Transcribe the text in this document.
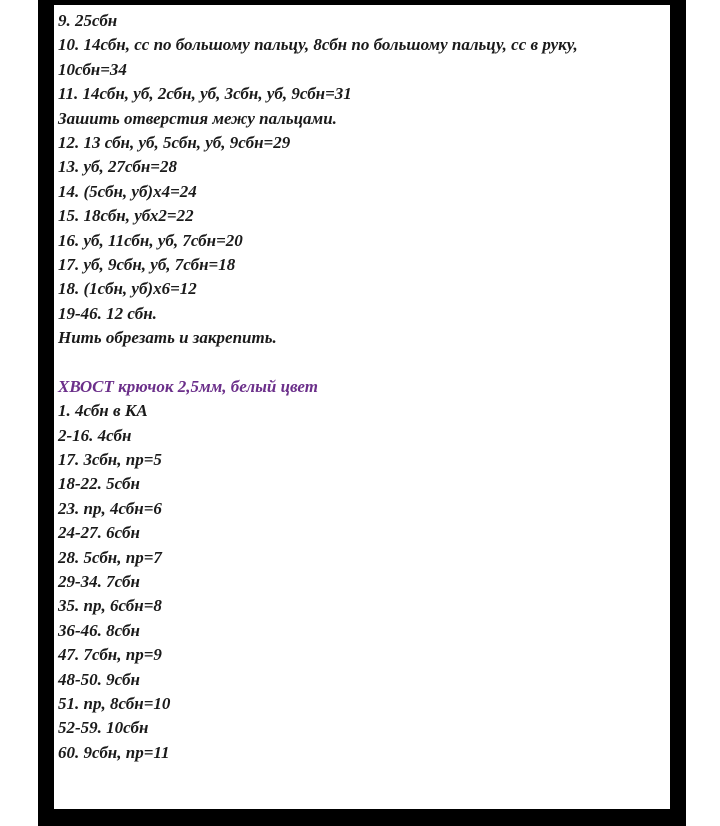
9. 25сбн
10. 14сбн, сс по большому пальцу, 8сбн по большому пальцу, сс в руку, 10сбн=34
11. 14сбн, уб, 2сбн, уб, 3сбн, уб, 9сбн=31
Зашить отверстия межу пальцами.
12. 13 сбн, уб, 5сбн, уб, 9сбн=29
13. уб, 27сбн=28
14. (5сбн, уб)х4=24
15. 18сбн, убх2=22
16. уб, 11сбн, уб, 7сбн=20
17. уб, 9сбн, уб, 7сбн=18
18. (1сбн, уб)х6=12
19-46. 12 сбн.
Нить обрезать и закрепить.
ХВОСТ крючок 2,5мм, белый цвет
1. 4сбн в КА
2-16. 4сбн
17. 3сбн, пр=5
18-22. 5сбн
23. пр, 4сбн=6
24-27. 6сбн
28. 5сбн, пр=7
29-34. 7сбн
35. пр, 6сбн=8
36-46. 8сбн
47. 7сбн, пр=9
48-50. 9сбн
51. пр, 8сбн=10
52-59. 10сбн
60. 9сбн, пр=11
